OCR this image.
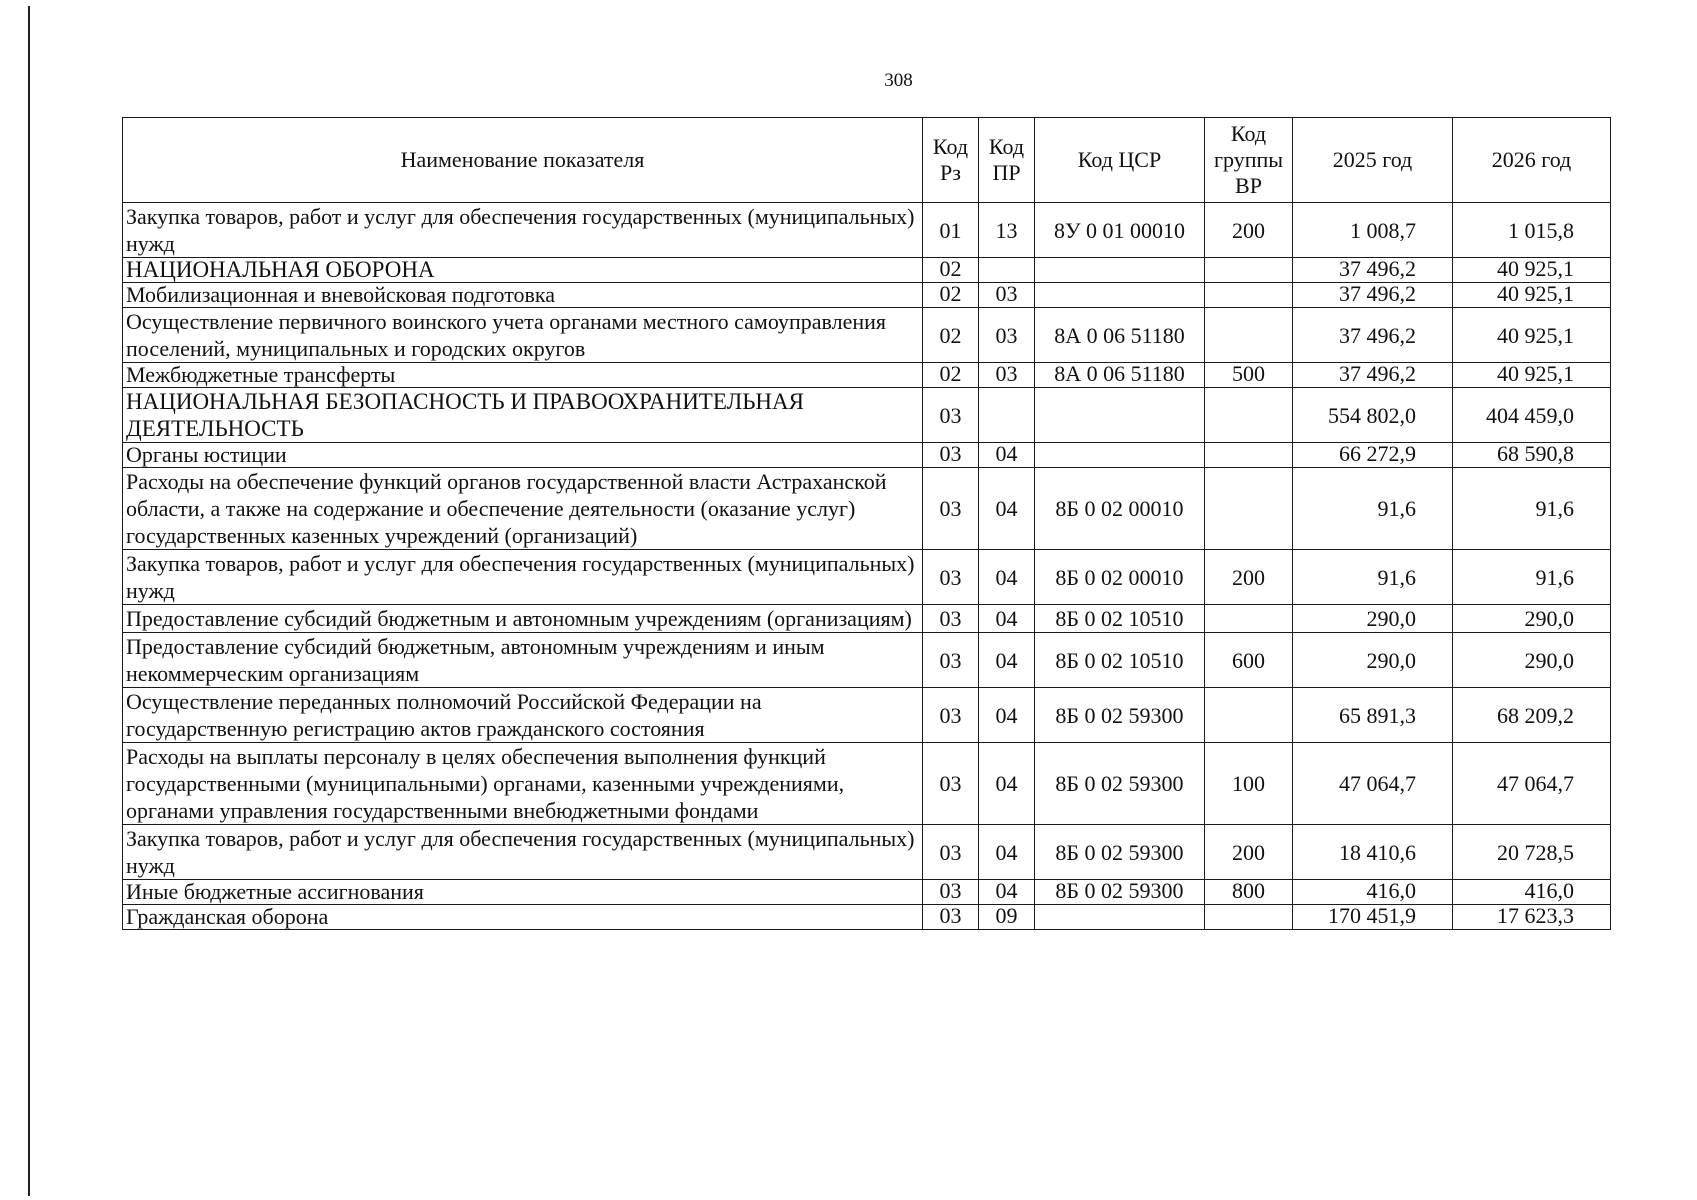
308
Наименование показателя	Код Рз	Код ПР	Код ЦСР	Код группы ВР	2025 год	2026 год
Закупка товаров, работ и услуг для обеспечения государственных (муниципальных) нужд	01	13	8У 0 01 00010	200	1 008,7	1 015,8
НАЦИОНАЛЬНАЯ ОБОРОНА	02				37 496,2	40 925,1
Мобилизационная и вневойсковая подготовка	02	03			37 496,2	40 925,1
Осуществление первичного воинского учета органами местного самоуправления поселений, муниципальных и городских округов	02	03	8А 0 06 51180		37 496,2	40 925,1
Межбюджетные трансферты	02	03	8А 0 06 51180	500	37 496,2	40 925,1
НАЦИОНАЛЬНАЯ БЕЗОПАСНОСТЬ И ПРАВООХРАНИТЕЛЬНАЯ ДЕЯТЕЛЬНОСТЬ	03				554 802,0	404 459,0
Органы юстиции	03	04			66 272,9	68 590,8
Расходы на обеспечение функций органов государственной власти Астраханской области, а также на содержание и обеспечение деятельности (оказание услуг) государственных казенных учреждений (организаций)	03	04	8Б 0 02 00010		91,6	91,6
Закупка товаров, работ и услуг для обеспечения государственных (муниципальных) нужд	03	04	8Б 0 02 00010	200	91,6	91,6
Предоставление субсидий бюджетным и автономным учреждениям (организациям)	03	04	8Б 0 02 10510		290,0	290,0
Предоставление субсидий бюджетным, автономным учреждениям и иным некоммерческим организациям	03	04	8Б 0 02 10510	600	290,0	290,0
Осуществление переданных полномочий Российской Федерации на государственную регистрацию актов гражданского состояния	03	04	8Б 0 02 59300		65 891,3	68 209,2
Расходы на выплаты персоналу в целях обеспечения выполнения функций государственными (муниципальными) органами, казенными учреждениями, органами управления государственными внебюджетными фондами	03	04	8Б 0 02 59300	100	47 064,7	47 064,7
Закупка товаров, работ и услуг для обеспечения государственных (муниципальных) нужд	03	04	8Б 0 02 59300	200	18 410,6	20 728,5
Иные бюджетные ассигнования	03	04	8Б 0 02 59300	800	416,0	416,0
Гражданская оборона	03	09			170 451,9	17 623,3
